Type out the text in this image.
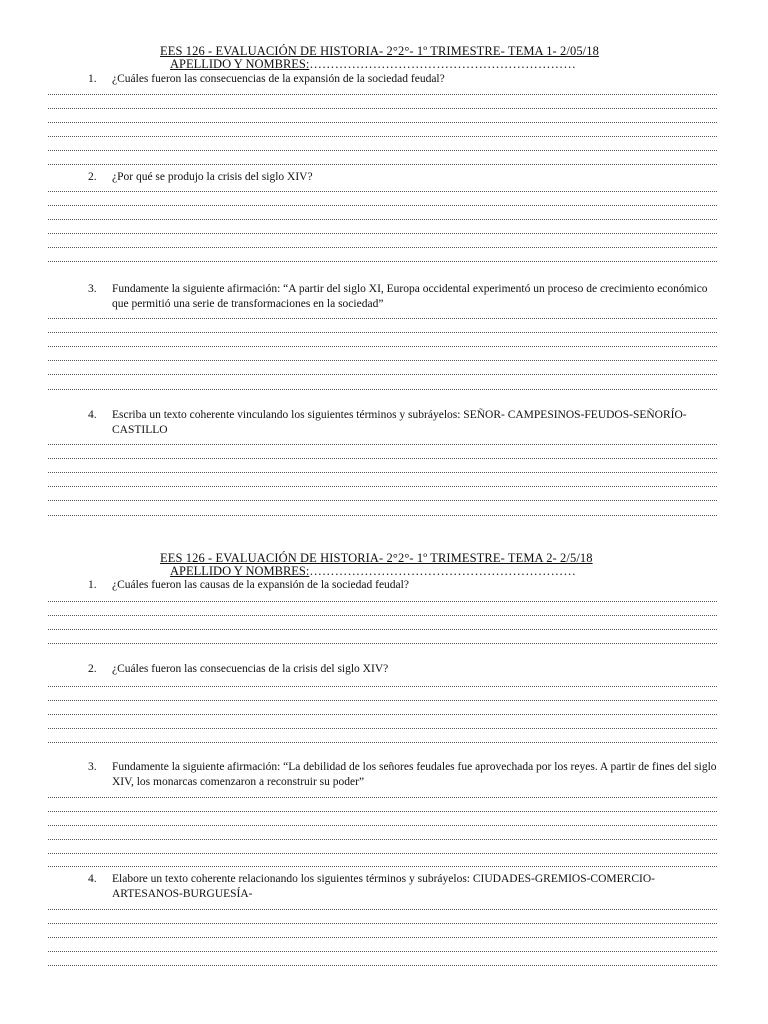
EES 126 - EVALUACIÓN DE HISTORIA- 2°2°- 1º TRIMESTRE- TEMA 1- 2/05/18
APELLIDO Y NOMBRES:………………………………………………………
1.	¿Cuáles fueron las consecuencias de la expansión de la sociedad feudal?
2.	¿Por qué se produjo la crisis del siglo XIV?
3.	Fundamente la siguiente afirmación: “A partir del siglo XI, Europa occidental experimentó un proceso de crecimiento económico que permitió una serie de transformaciones en la sociedad”
4.	Escriba un texto coherente vinculando los siguientes términos y subráyelos: SEÑOR- CAMPESINOS-FEUDOS-SEÑORÍO-CASTILLO
EES 126 - EVALUACIÓN DE HISTORIA- 2°2°- 1º TRIMESTRE- TEMA 2- 2/5/18
APELLIDO Y NOMBRES:………………………………………………………
1.	¿Cuáles fueron las causas de la expansión de la sociedad feudal?
2.	¿Cuáles fueron las consecuencias de la crisis del siglo XIV?
3.	Fundamente la siguiente afirmación: “La debilidad de los señores feudales fue aprovechada por los reyes. A partir de fines del siglo XIV, los monarcas comenzaron a reconstruir su poder”
4.	Elabore un texto coherente relacionando los siguientes términos y subráyelos: CIUDADES-GREMIOS-COMERCIO-ARTESANOS-BURGUESÍA-
